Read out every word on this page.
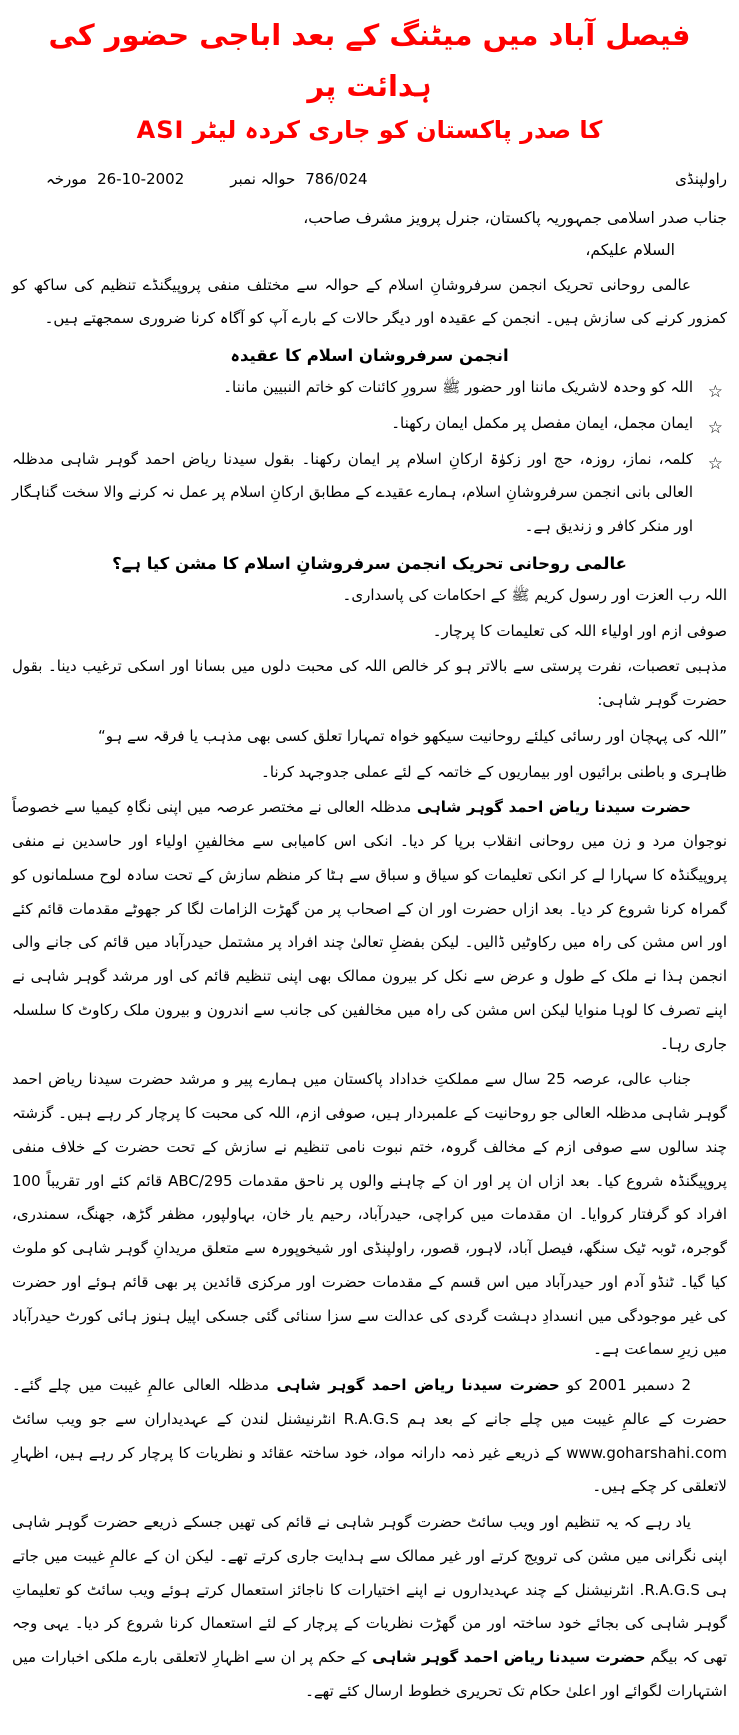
فیصل آباد میں میٹنگ کے بعد اباجی حضور کی ہدائت پر
ASI کا صدر پاکستان کو جاری کردہ لیٹر
مورخہ 26-10-2002	حوالہ نمبر 786/024	راولپنڈی
جناب صدر اسلامی جمہوریہ پاکستان، جنرل پرویز مشرف صاحب،
السلام علیکم،
عالمی روحانی تحریک انجمن سرفروشانِ اسلام کے حوالہ سے مختلف منفی پروپیگنڈے تنظیم کی ساکھ کو کمزور کرنے کی سازش ہیں۔ انجمن کے عقیدہ اور دیگر حالات کے بارے آپ کو آگاہ کرنا ضروری سمجھتے ہیں۔
انجمن سرفروشان اسلام کا عقیدہ
☆
اللہ کو وحدہ لاشریک ماننا اور حضور ﷺ سرورِ کائنات کو خاتم النبیین ماننا۔
☆
ایمان مجمل، ایمان مفصل پر مکمل ایمان رکھنا۔
☆
کلمہ، نماز، روزہ، حج اور زکوٰۃ ارکانِ اسلام پر ایمان رکھنا۔ بقول سیدنا ریاض احمد گوہر شاہی مدظلہ العالی بانی انجمن سرفروشانِ اسلام، ہمارے عقیدے کے مطابق ارکانِ اسلام پر عمل نہ کرنے والا سخت گناہگار اور منکر کافر و زندیق ہے۔
عالمی روحانی تحریک انجمن سرفروشانِ اسلام کا مشن کیا ہے؟
اللہ رب العزت اور رسول کریم ﷺ کے احکامات کی پاسداری۔
صوفی ازم اور اولیاء اللہ کی تعلیمات کا پرچار۔
مذہبی تعصبات، نفرت پرستی سے بالاتر ہو کر خالص اللہ کی محبت دلوں میں بسانا اور اسکی ترغیب دینا۔ بقول حضرت گوہر شاہی:
”اللہ کی پہچان اور رسائی کیلئے روحانیت سیکھو خواہ تمہارا تعلق کسی بھی مذہب یا فرقہ سے ہو“
ظاہری و باطنی برائیوں اور بیماریوں کے خاتمہ کے لئے عملی جدوجہد کرنا۔
حضرت سیدنا ریاض احمد گوہر شاہی مدظلہ العالی نے مختصر عرصہ میں اپنی نگاہِ کیمیا سے خصوصاً نوجوان مرد و زن میں روحانی انقلاب برپا کر دیا۔ انکی اس کامیابی سے مخالفینِ اولیاء اور حاسدین نے منفی پروپیگنڈہ کا سہارا لے کر انکی تعلیمات کو سیاق و سباق سے ہٹا کر منظم سازش کے تحت سادہ لوح مسلمانوں کو گمراہ کرنا شروع کر دیا۔ بعد ازاں حضرت اور ان کے اصحاب پر من گھڑت الزامات لگا کر جھوٹے مقدمات قائم کئے اور اس مشن کی راہ میں رکاوٹیں ڈالیں۔ لیکن بفضلِ تعالیٰ چند افراد پر مشتمل حیدرآباد میں قائم کی جانے والی انجمن ہذا نے ملک کے طول و عرض سے نکل کر بیرون ممالک بھی اپنی تنظیم قائم کی اور مرشد گوہر شاہی نے اپنے تصرف کا لوہا منوایا لیکن اس مشن کی راہ میں مخالفین کی جانب سے اندرون و بیرون ملک رکاوٹ کا سلسلہ جاری رہا۔
جناب عالی، عرصہ 25 سال سے مملکتِ خداداد پاکستان میں ہمارے پیر و مرشد حضرت سیدنا ریاض احمد گوہر شاہی مدظلہ العالی جو روحانیت کے علمبردار ہیں، صوفی ازم، اللہ کی محبت کا پرچار کر رہے ہیں۔ گزشتہ چند سالوں سے صوفی ازم کے مخالف گروہ، ختم نبوت نامی تنظیم نے سازش کے تحت حضرت کے خلاف منفی پروپیگنڈہ شروع کیا۔ بعد ازاں ان پر اور ان کے چاہنے والوں پر ناحق مقدمات 295/ABC قائم کئے اور تقریباً 100 افراد کو گرفتار کروایا۔ ان مقدمات میں کراچی، حیدرآباد، رحیم یار خان، بہاولپور، مظفر گڑھ، جھنگ، سمندری، گوجرہ، ٹوبہ ٹیک سنگھ، فیصل آباد، لاہور، قصور، راولپنڈی اور شیخوپورہ سے متعلق مریدانِ گوہر شاہی کو ملوث کیا گیا۔ ٹنڈو آدم اور حیدرآباد میں اس قسم کے مقدمات حضرت اور مرکزی قائدین پر بھی قائم ہوئے اور حضرت کی غیر موجودگی میں انسدادِ دہشت گردی کی عدالت سے سزا سنائی گئی جسکی اپیل ہنوز ہائی کورٹ حیدرآباد میں زیرِ سماعت ہے۔
2 دسمبر 2001 کو حضرت سیدنا ریاض احمد گوہر شاہی مدظلہ العالی عالمِ غیبت میں چلے گئے۔ حضرت کے عالمِ غیبت میں چلے جانے کے بعد ہم R.A.G.S انٹرنیشنل لندن کے عہدیداران سے جو ویب سائٹ www.goharshahi.com کے ذریعے غیر ذمہ دارانہ مواد، خود ساختہ عقائد و نظریات کا پرچار کر رہے ہیں، اظہارِ لاتعلقی کر چکے ہیں۔
یاد رہے کہ یہ تنظیم اور ویب سائٹ حضرت گوہر شاہی نے قائم کی تھیں جسکے ذریعے حضرت گوہر شاہی اپنی نگرانی میں مشن کی ترویج کرتے اور غیر ممالک سے ہدایت جاری کرتے تھے۔ لیکن ان کے عالمِ غیبت میں جاتے ہی R.A.G.S. انٹرنیشنل کے چند عہدیداروں نے اپنے اختیارات کا ناجائز استعمال کرتے ہوئے ویب سائٹ کو تعلیماتِ گوہر شاہی کی بجائے خود ساختہ اور من گھڑت نظریات کے پرچار کے لئے استعمال کرنا شروع کر دیا۔ یہی وجہ تھی کہ بیگم حضرت سیدنا ریاض احمد گوہر شاہی کے حکم پر ان سے اظہارِ لاتعلقی بارے ملکی اخبارات میں اشتہارات لگوائے اور اعلیٰ حکام تک تحریری خطوط ارسال کئے تھے۔
